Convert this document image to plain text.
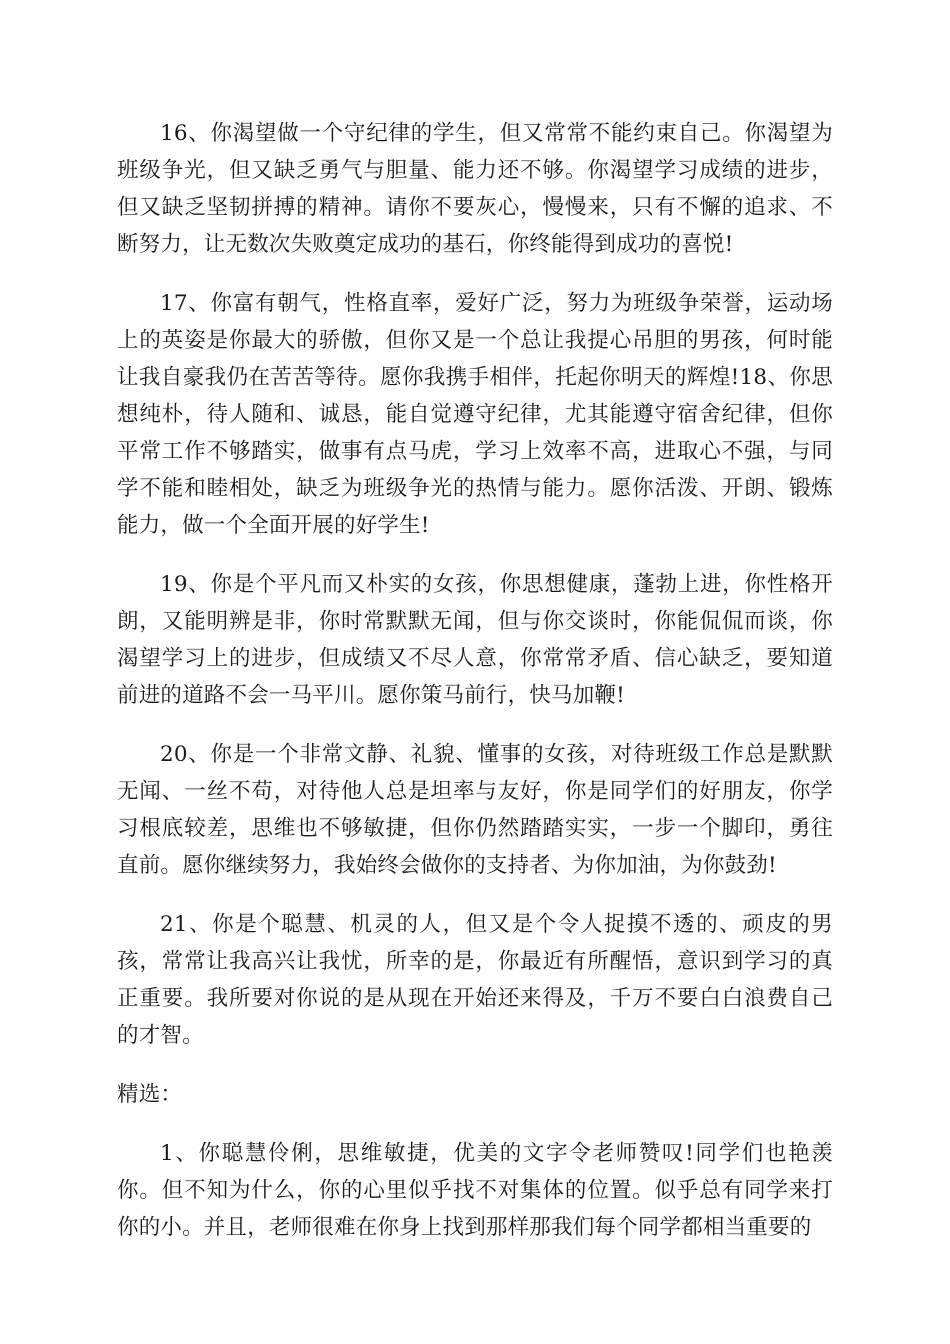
16、你渴望做一个守纪律的学生，但又常常不能约束自己。你渴望为班级争光，但又缺乏勇气与胆量、能力还不够。你渴望学习成绩的进步，但又缺乏坚韧拼搏的精神。请你不要灰心，慢慢来，只有不懈的追求、不断努力，让无数次失败奠定成功的基石，你终能得到成功的喜悦!

17、你富有朝气，性格直率，爱好广泛，努力为班级争荣誉，运动场上的英姿是你最大的骄傲，但你又是一个总让我提心吊胆的男孩，何时能让我自豪我仍在苦苦等待。愿你我携手相伴，托起你明天的辉煌!18、你思想纯朴，待人随和、诚恳，能自觉遵守纪律，尤其能遵守宿舍纪律，但你平常工作不够踏实，做事有点马虎，学习上效率不高，进取心不强，与同学不能和睦相处，缺乏为班级争光的热情与能力。愿你活泼、开朗、锻炼能力，做一个全面开展的好学生!

19、你是个平凡而又朴实的女孩，你思想健康，蓬勃上进，你性格开朗，又能明辨是非，你时常默默无闻，但与你交谈时，你能侃侃而谈，你渴望学习上的进步，但成绩又不尽人意，你常常矛盾、信心缺乏，要知道前进的道路不会一马平川。愿你策马前行，快马加鞭!

20、你是一个非常文静、礼貌、懂事的女孩，对待班级工作总是默默无闻、一丝不苟，对待他人总是坦率与友好，你是同学们的好朋友，你学习根底较差，思维也不够敏捷，但你仍然踏踏实实，一步一个脚印，勇往直前。愿你继续努力，我始终会做你的支持者、为你加油，为你鼓劲!

21、你是个聪慧、机灵的人，但又是个令人捉摸不透的、顽皮的男孩，常常让我高兴让我忧，所幸的是，你最近有所醒悟，意识到学习的真正重要。我所要对你说的是从现在开始还来得及，千万不要白白浪费自己的才智。

精选：

1、你聪慧伶俐，思维敏捷，优美的文字令老师赞叹!同学们也艳羡你。但不知为什么，你的心里似乎找不对集体的位置。似乎总有同学来打你的小。并且，老师很难在你身上找到那样那我们每个同学都相当重要的
